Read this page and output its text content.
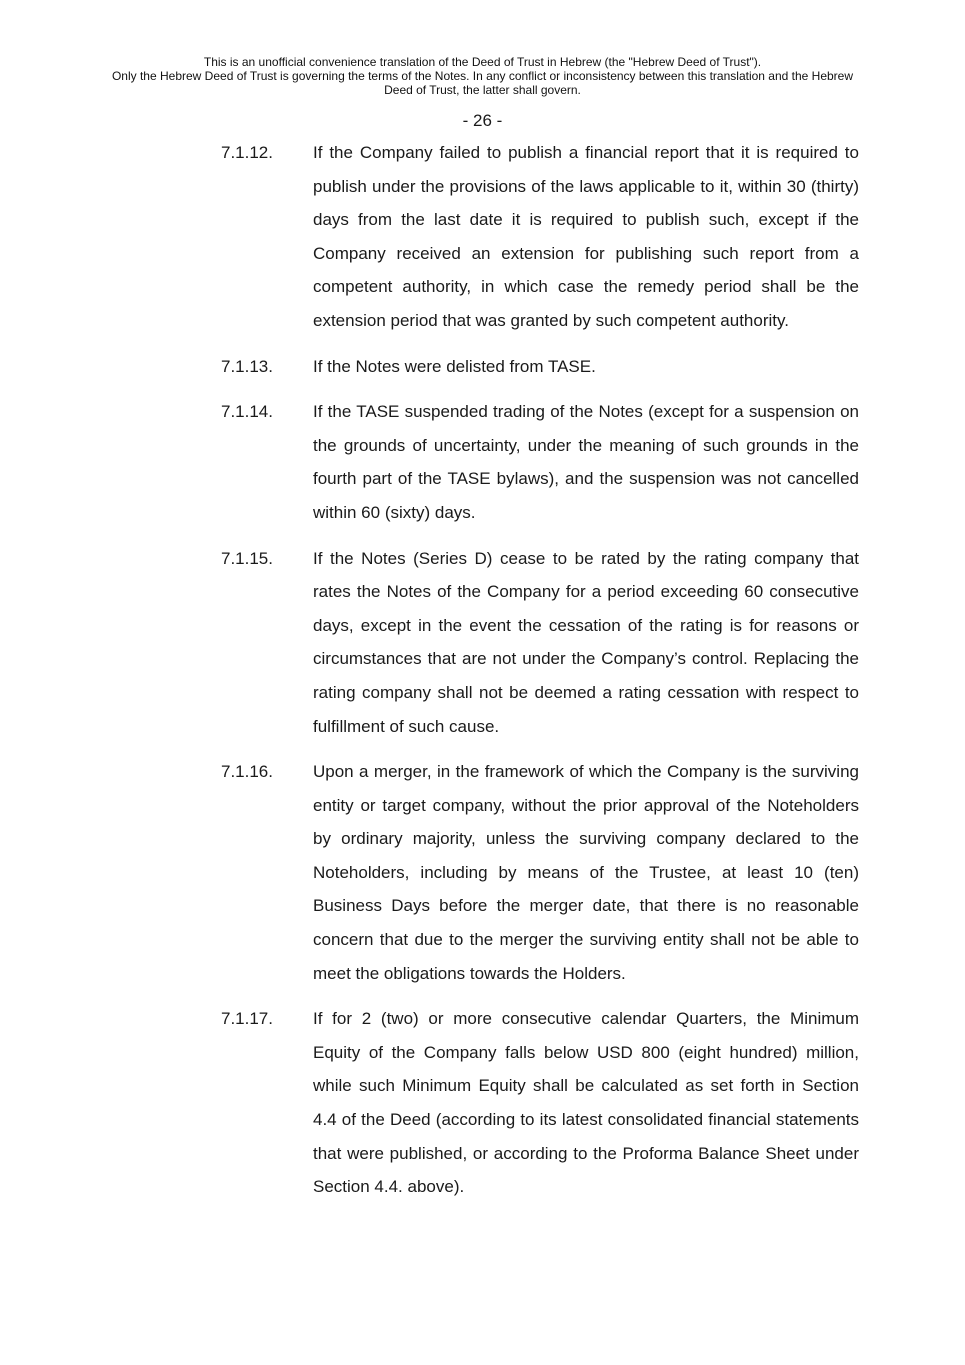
This is an unofficial convenience translation of the Deed of Trust in Hebrew (the "Hebrew Deed of Trust").
Only the Hebrew Deed of Trust is governing the terms of the Notes. In any conflict or inconsistency between this translation and the Hebrew
Deed of Trust, the latter shall govern.
- 26 -
7.1.12. If the Company failed to publish a financial report that it is required to publish under the provisions of the laws applicable to it, within 30 (thirty) days from the last date it is required to publish such, except if the Company received an extension for publishing such report from a competent authority, in which case the remedy period shall be the extension period that was granted by such competent authority.
7.1.13. If the Notes were delisted from TASE.
7.1.14. If the TASE suspended trading of the Notes (except for a suspension on the grounds of uncertainty, under the meaning of such grounds in the fourth part of the TASE bylaws), and the suspension was not cancelled within 60 (sixty) days.
7.1.15. If the Notes (Series D) cease to be rated by the rating company that rates the Notes of the Company for a period exceeding 60 consecutive days, except in the event the cessation of the rating is for reasons or circumstances that are not under the Company’s control. Replacing the rating company shall not be deemed a rating cessation with respect to fulfillment of such cause.
7.1.16. Upon a merger, in the framework of which the Company is the surviving entity or target company, without the prior approval of the Noteholders by ordinary majority, unless the surviving company declared to the Noteholders, including by means of the Trustee, at least 10 (ten) Business Days before the merger date, that there is no reasonable concern that due to the merger the surviving entity shall not be able to meet the obligations towards the Holders.
7.1.17. If for 2 (two) or more consecutive calendar Quarters, the Minimum Equity of the Company falls below USD 800 (eight hundred) million, while such Minimum Equity shall be calculated as set forth in Section 4.4 of the Deed (according to its latest consolidated financial statements that were published, or according to the Proforma Balance Sheet under Section 4.4. above).
